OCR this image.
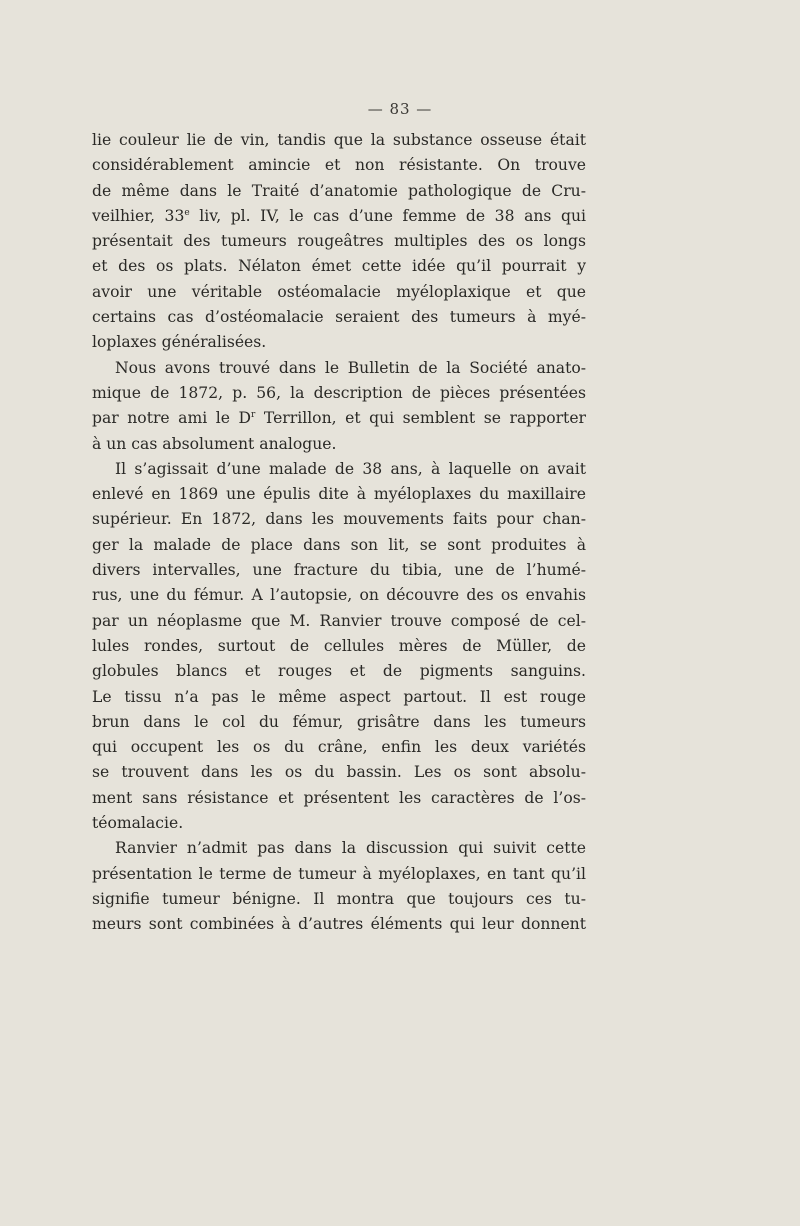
— 83 —
lie couleur lie de vin, tandis que la substance osseuse était
considérablement amincie et non résistante. On trouve
de même dans le Traité d’anatomie pathologique de Cru-
veilhier, 33e liv, pl. IV, le cas d’une femme de 38 ans qui
présentait des tumeurs rougeâtres multiples des os longs
et des os plats. Nélaton émet cette idée qu’il pourrait y
avoir une véritable ostéomalacie myéloplaxique et que
certains cas d’ostéomalacie seraient des tumeurs à myé-
loplaxes généralisées.
Nous avons trouvé dans le Bulletin de la Société anato-
mique de 1872, p. 56, la description de pièces présentées
par notre ami le $D^r$ Terrillon, et qui semblent se rapporter
à un cas absolument analogue.
Il s’agissait d’une malade de 38 ans, à laquelle on avait
enlevé en 1869 une épulis dite à myéloplaxes du maxillaire
supérieur. En 1872, dans les mouvements faits pour chan-
ger la malade de place dans son lit, se sont produites à
divers intervalles, une fracture du tibia, une de l’humé-
rus, une du fémur. A l’autopsie, on découvre des os envahis
par un néoplasme que M. Ranvier trouve composé de cel-
lules rondes, surtout de cellules mères de Müller, de
globules blancs et rouges et de pigments sanguins.
Le tissu n’a pas le même aspect partout. Il est rouge
brun dans le col du fémur, grisâtre dans les tumeurs
qui occupent les os du crâne, enfin les deux variétés
se trouvent dans les os du bassin. Les os sont absolu-
ment sans résistance et présentent les caractères de l’os-
téomalacie.
Ranvier n’admit pas dans la discussion qui suivit cette
présentation le terme de tumeur à myéloplaxes, en tant qu’il
signifie tumeur bénigne. Il montra que toujours ces tu-
meurs sont combinées à d’autres éléments qui leur donnent
